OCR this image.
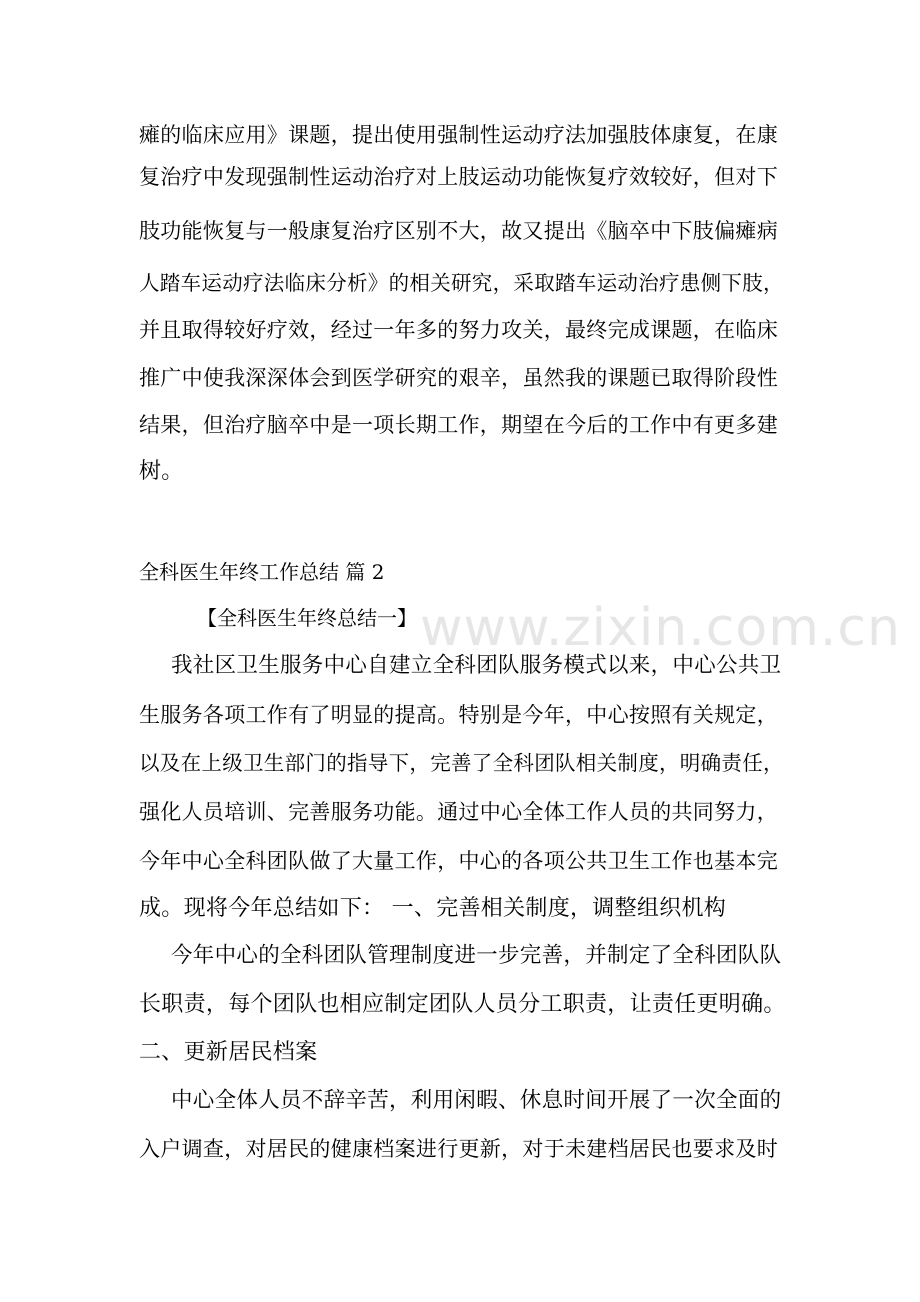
www.zixin.com.cn
瘫的临床应用》课题，提出使用强制性运动疗法加强肢体康复，在康
复治疗中发现强制性运动治疗对上肢运动功能恢复疗效较好，但对下
肢功能恢复与一般康复治疗区别不大，故又提出《脑卒中下肢偏瘫病
人踏车运动疗法临床分析》的相关研究，采取踏车运动治疗患侧下肢，
并且取得较好疗效，经过一年多的努力攻关，最终完成课题，在临床
推广中使我深深体会到医学研究的艰辛，虽然我的课题已取得阶段性
结果，但治疗脑卒中是一项长期工作，期望在今后的工作中有更多建
树。
全科医生年终工作总结 篇 2
【全科医生年终总结一】
我社区卫生服务中心自建立全科团队服务模式以来，中心公共卫
生服务各项工作有了明显的提高。特别是今年，中心按照有关规定，
以及在上级卫生部门的指导下，完善了全科团队相关制度，明确责任，
强化人员培训、完善服务功能。通过中心全体工作人员的共同努力，
今年中心全科团队做了大量工作，中心的各项公共卫生工作也基本完
成。现将今年总结如下： 一、完善相关制度，调整组织机构
今年中心的全科团队管理制度进一步完善，并制定了全科团队队
长职责，每个团队也相应制定团队人员分工职责，让责任更明确。
二、更新居民档案
中心全体人员不辞辛苦，利用闲暇、休息时间开展了一次全面的
入户调查，对居民的健康档案进行更新，对于未建档居民也要求及时
